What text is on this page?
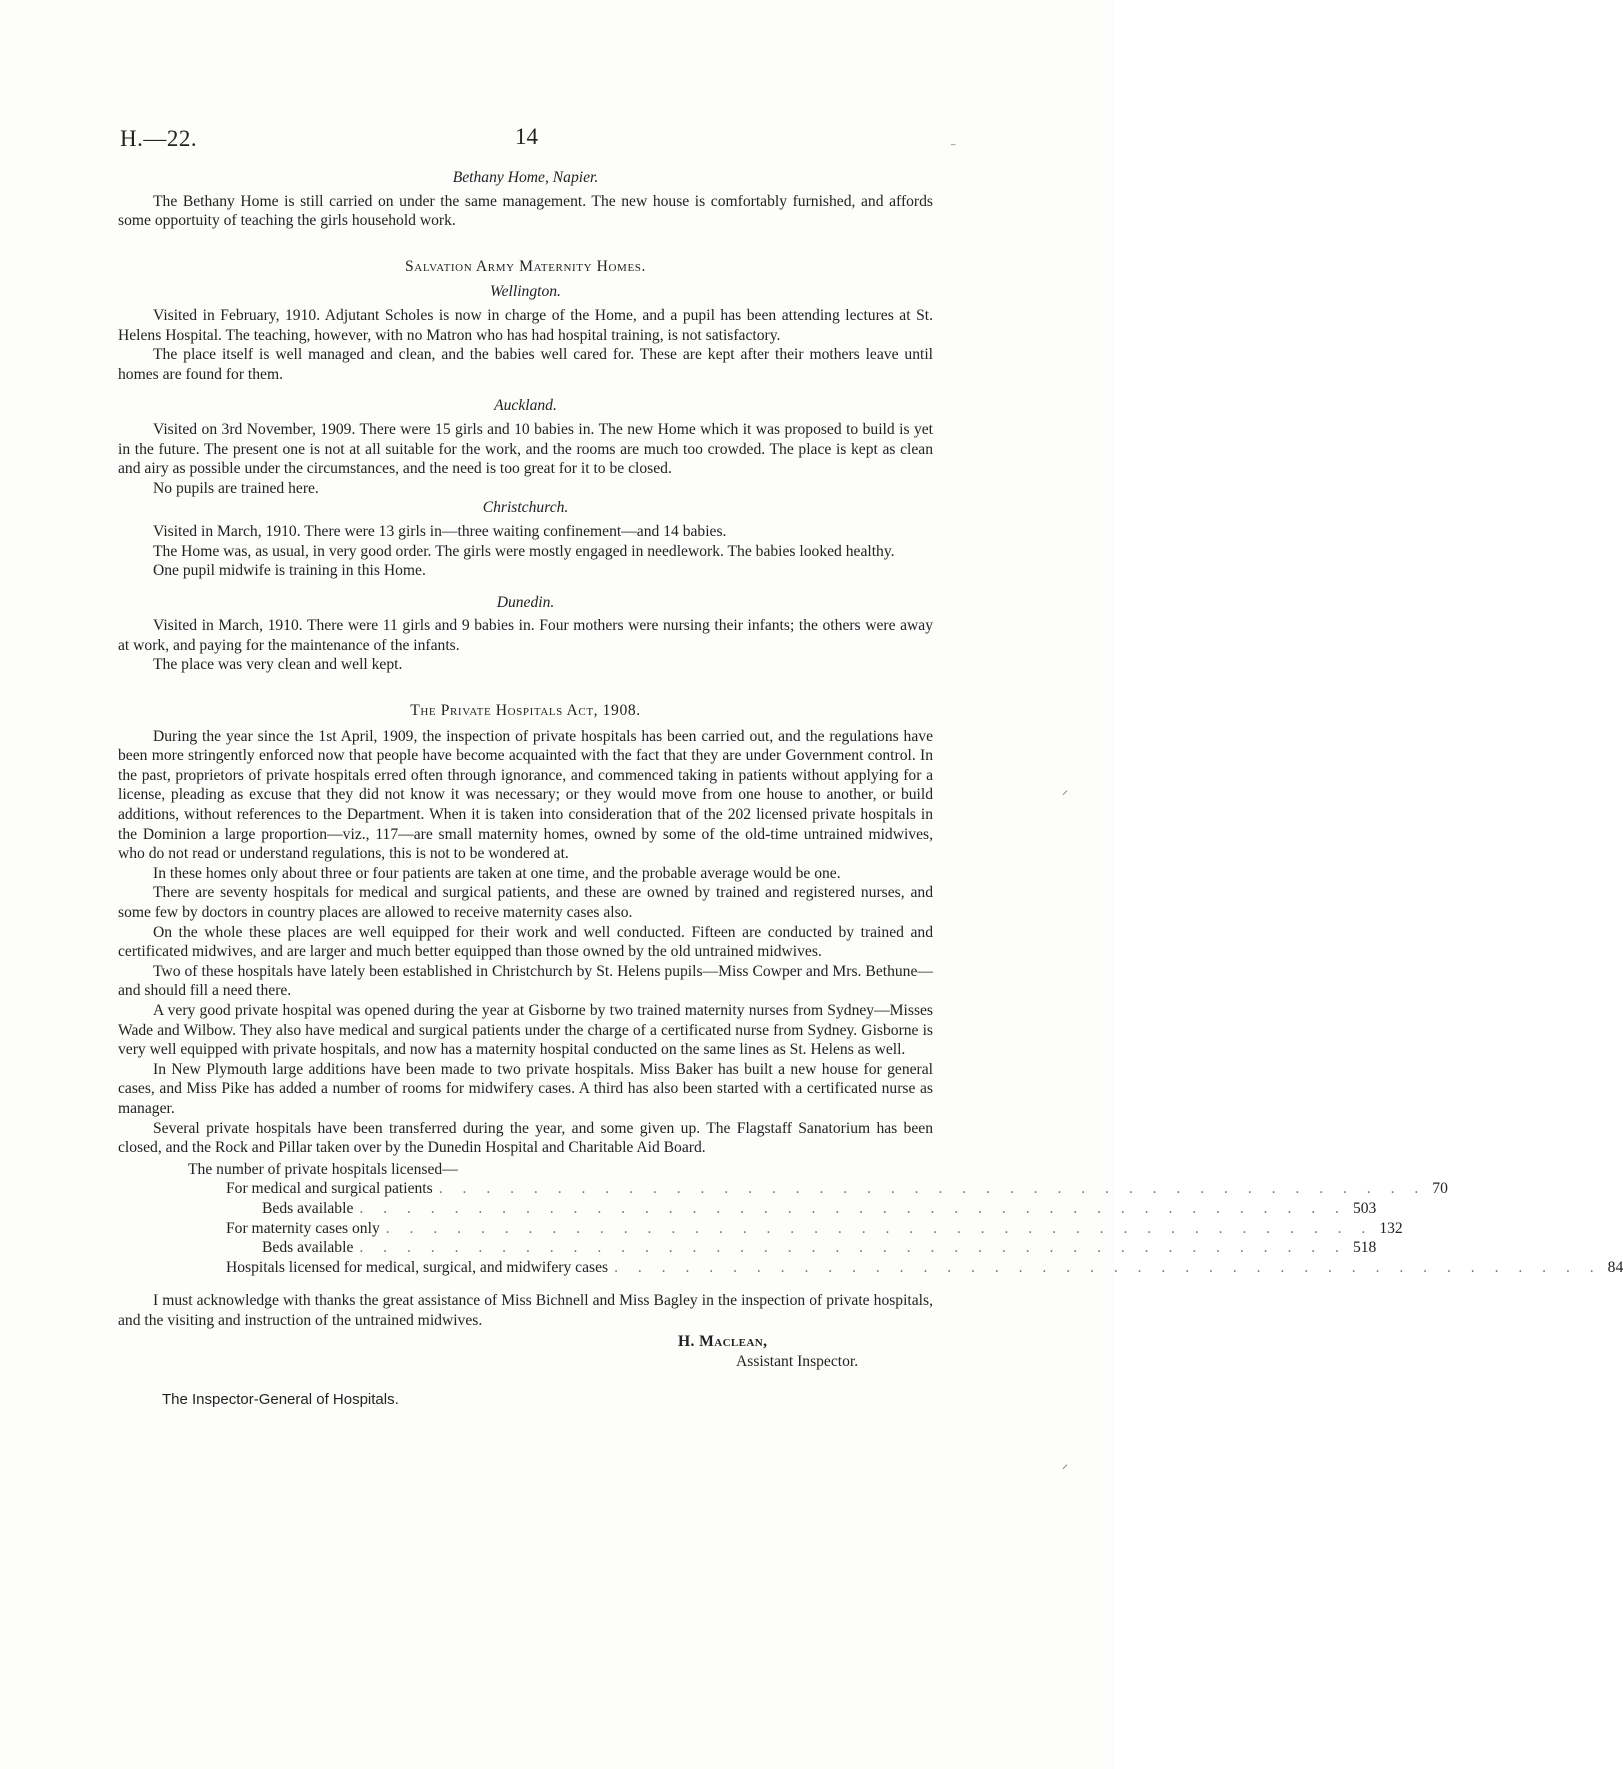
H.—22.	14	⁻
⸍
⸍
Bethany Home, Napier.

The Bethany Home is still carried on under the same management. The new house is comfortably furnished, and affords some opportuity of teaching the girls household work.

Salvation Army Maternity Homes.
Wellington.

Visited in February, 1910. Adjutant Scholes is now in charge of the Home, and a pupil has been attending lectures at St. Helens Hospital. The teaching, however, with no Matron who has had hospital training, is not satisfactory.

The place itself is well managed and clean, and the babies well cared for. These are kept after their mothers leave until homes are found for them.

Auckland.

Visited on 3rd November, 1909. There were 15 girls and 10 babies in. The new Home which it was proposed to build is yet in the future. The present one is not at all suitable for the work, and the rooms are much too crowded. The place is kept as clean and airy as possible under the circumstances, and the need is too great for it to be closed.

No pupils are trained here.

Christchurch.

Visited in March, 1910. There were 13 girls in—three waiting confinement—and 14 babies.

The Home was, as usual, in very good order. The girls were mostly engaged in needlework. The babies looked healthy.

One pupil midwife is training in this Home.

Dunedin.

Visited in March, 1910. There were 11 girls and 9 babies in. Four mothers were nursing their infants; the others were away at work, and paying for the maintenance of the infants.

The place was very clean and well kept.

The Private Hospitals Act, 1908.

During the year since the 1st April, 1909, the inspection of private hospitals has been carried out, and the regulations have been more stringently enforced now that people have become acquainted with the fact that they are under Government control. In the past, proprietors of private hospitals erred often through ignorance, and commenced taking in patients without applying for a license, pleading as excuse that they did not know it was necessary; or they would move from one house to another, or build additions, without references to the Department. When it is taken into consideration that of the 202 licensed private hospitals in the Dominion a large proportion—viz., 117—are small maternity homes, owned by some of the old-time untrained midwives, who do not read or understand regulations, this is not to be wondered at.

In these homes only about three or four patients are taken at one time, and the probable average would be one.

There are seventy hospitals for medical and surgical patients, and these are owned by trained and registered nurses, and some few by doctors in country places are allowed to receive maternity cases also.

On the whole these places are well equipped for their work and well conducted. Fifteen are conducted by trained and certificated midwives, and are larger and much better equipped than those owned by the old untrained midwives.

Two of these hospitals have lately been established in Christchurch by St. Helens pupils—Miss Cowper and Mrs. Bethune—and should fill a need there.

A very good private hospital was opened during the year at Gisborne by two trained maternity nurses from Sydney—Misses Wade and Wilbow. They also have medical and surgical patients under the charge of a certificated nurse from Sydney. Gisborne is very well equipped with private hospitals, and now has a maternity hospital conducted on the same lines as St. Helens as well.

In New Plymouth large additions have been made to two private hospitals. Miss Baker has built a new house for general cases, and Miss Pike has added a number of rooms for midwifery cases. A third has also been started with a certificated nurse as manager.

Several private hospitals have been transferred during the year, and some given up. The Flagstaff Sanatorium has been closed, and the Rock and Pillar taken over by the Dunedin Hospital and Charitable Aid Board.

The number of private hospitals licensed—
For medical and surgical patients . . . . . . . . . . . . . . . . . . . . . . . . . . . . . . . . . . . . . . . . . . 70
Beds available . . . . . . . . . . . . . . . . . . . . . . . . . . . . . . . . . . . . . . . . . . 503
For maternity cases only . . . . . . . . . . . . . . . . . . . . . . . . . . . . . . . . . . . . . . . . . . 132
Beds available . . . . . . . . . . . . . . . . . . . . . . . . . . . . . . . . . . . . . . . . . . 518
Hospitals licensed for medical, surgical, and midwifery cases . . . . . . . . . . . . . . . . . . . . . . . . . . . . . . . . . . . . . . . . . . 84

I must acknowledge with thanks the great assistance of Miss Bichnell and Miss Bagley in the inspection of private hospitals, and the visiting and instruction of the untrained midwives.

H. Maclean,
Assistant Inspector.
The Inspector-General of Hospitals.
